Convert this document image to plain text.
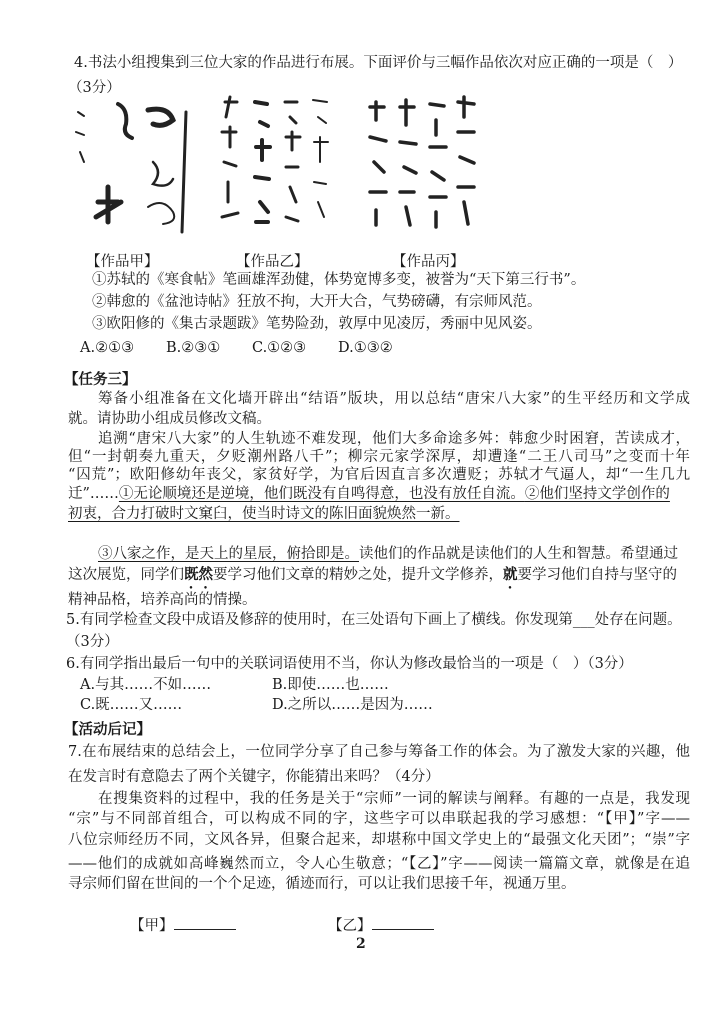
4.书法小组搜集到三位大家的作品进行布展。下面评价与三幅作品依次对应正确的一项是（　）
（3分）
【作品甲】	【作品乙】	【作品丙】
①苏轼的《寒食帖》笔画雄浑劲健，体势宽博多变，被誉为“天下第三行书”。
②韩愈的《盆池诗帖》狂放不拘，大开大合，气势磅礴，有宗师风范。
③欧阳修的《集古录题跋》笔势险劲，敦厚中见凌厉，秀丽中见风姿。
A.②①③ B.②③① C.①②③ D.①③②
【任务三】
筹备小组准备在文化墙开辟出“结语”版块，用以总结“唐宋八大家”的生平经历和文学成
就。请协助小组成员修改文稿。
追溯“唐宋八大家”的人生轨迹不难发现，他们大多命途多舛：韩愈少时困窘，苦读成才，
但“一封朝奏九重天，夕贬潮州路八千”；柳宗元家学深厚，却遭逢“二王八司马”之变而十年
“囚荒”；欧阳修幼年丧父，家贫好学，为官后因直言多次遭贬；苏轼才气逼人，却“一生几九
迁”……①无论顺境还是逆境，他们既没有自鸣得意，也没有放任自流。②他们坚持文学创作的
初衷，合力打破时文窠臼，使当时诗文的陈旧面貌焕然一新。
③八家之作，是天上的星辰，俯拾即是。读他们的作品就是读他们的人生和智慧。希望通过
这次展览，同学们既然要学习他们文章的精妙之处，提升文学修养，就要学习他们自持与坚守的
精神品格，培养高尚的情操。
5.有同学检查文段中成语及修辞的使用时，在三处语句下画上了横线。你发现第___处存在问题。
（3分）
6.有同学指出最后一句中的关联词语使用不当，你认为修改最恰当的一项是（　）（3分）
A.与其……不如……	B.即使……也……
C.既……又……	D.之所以……是因为……
【活动后记】
7.在布展结束的总结会上，一位同学分享了自己参与筹备工作的体会。为了激发大家的兴趣，他
在发言时有意隐去了两个关键字，你能猜出来吗？（4分）
在搜集资料的过程中，我的任务是关于“宗师”一词的解读与阐释。有趣的一点是，我发现
“宗”与不同部首组合，可以构成不同的字，这些字可以串联起我的学习感想：“【甲】”字——
八位宗师经历不同，文风各异，但聚合起来，却堪称中国文学史上的“最强文化天团”；“崇”字
——他们的成就如高峰巍然而立，令人心生敬意；“【乙】”字——阅读一篇篇文章，就像是在追
寻宗师们留在世间的一个个足迹，循迹而行，可以让我们思接千年，视通万里。
【甲】	【乙】
2
